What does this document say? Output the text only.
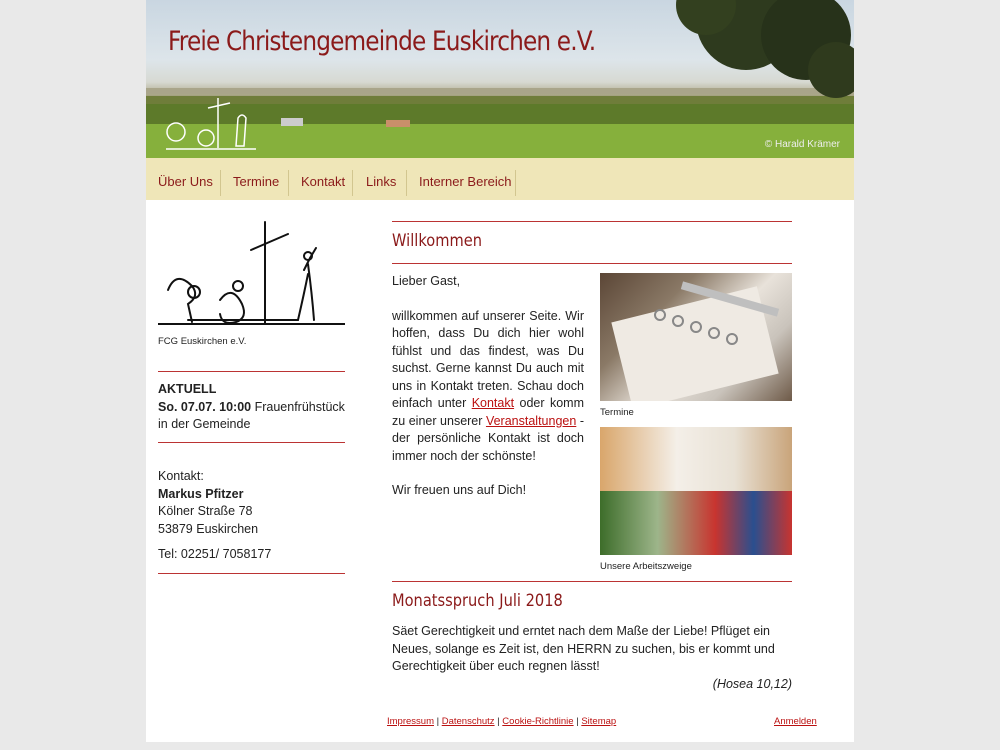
Freie Christengemeinde Euskirchen e.V.
© Harald Krämer
Über Uns Termine Kontakt Links Interner Bereich
FCG Euskirchen e.V.
AKTUELL
So. 07.07. 10:00 Frauenfrühstück in der Gemeinde
Kontakt:
Markus Pfitzer
Kölner Straße 78
53879 Euskirchen
Tel: 02251/ 7058177
Willkommen
Lieber Gast,
willkommen auf unserer Seite. Wir hoffen, dass Du dich hier wohl fühlst und das findest, was Du suchst. Gerne kannst Du auch mit uns in Kontakt treten. Schau doch einfach unter Kontakt oder komm zu einer unserer Veranstaltungen - der persönliche Kontakt ist doch immer noch der schönste!
Wir freuen uns auf Dich!
Termine
Unsere Arbeitszweige
Monatsspruch Juli 2018
Säet Gerechtigkeit und erntet nach dem Maße der Liebe! Pflüget ein Neues, solange es Zeit ist, den HERRN zu suchen, bis er kommt und Gerechtigkeit über euch regnen lässt!
(Hosea 10,12)
Impressum | Datenschutz | Cookie-Richtlinie | Sitemap	Anmelden
